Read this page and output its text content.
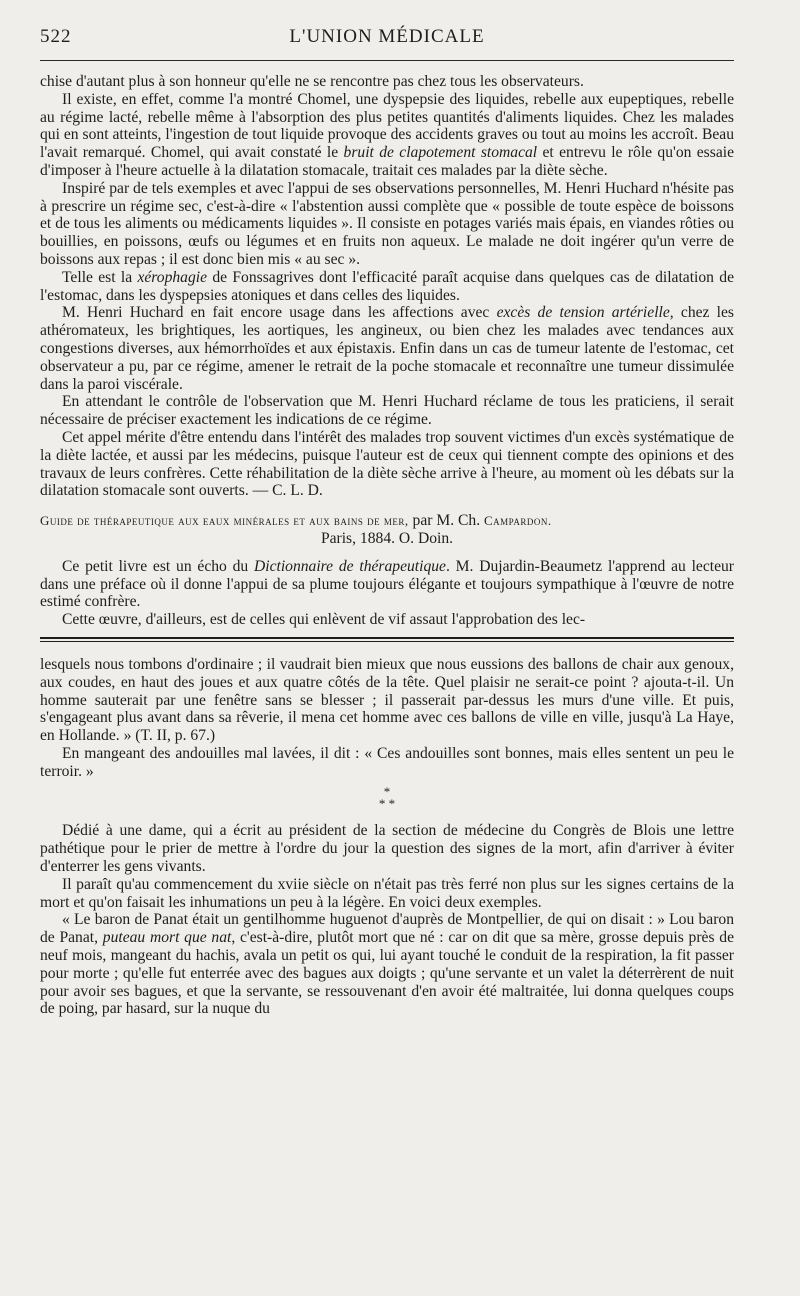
522	L'UNION MÉDICALE

chise d'autant plus à son honneur qu'elle ne se rencontre pas chez tous les observateurs.

Il existe, en effet, comme l'a montré Chomel, une dyspepsie des liquides, rebelle aux eupeptiques, rebelle au régime lacté, rebelle même à l'absorption des plus petites quantités d'aliments liquides. Chez les malades qui en sont atteints, l'ingestion de tout liquide provoque des accidents graves ou tout au moins les accroît. Beau l'avait remarqué. Chomel, qui avait constaté le bruit de clapotement stomacal et entrevu le rôle qu'on essaie d'imposer à l'heure actuelle à la dilatation stomacale, traitait ces malades par la diète sèche.

Inspiré par de tels exemples et avec l'appui de ses observations personnelles, M. Henri Huchard n'hésite pas à prescrire un régime sec, c'est-à-dire « l'abstention aussi complète que « possible de toute espèce de boissons et de tous les aliments ou médicaments liquides ». Il consiste en potages variés mais épais, en viandes rôties ou bouillies, en poissons, œufs ou légumes et en fruits non aqueux. Le malade ne doit ingérer qu'un verre de boissons aux repas ; il est donc bien mis « au sec ».

Telle est la xérophagie de Fonssagrives dont l'efficacité paraît acquise dans quelques cas de dilatation de l'estomac, dans les dyspepsies atoniques et dans celles des liquides.

M. Henri Huchard en fait encore usage dans les affections avec excès de tension artérielle, chez les athéromateux, les brightiques, les aortiques, les angineux, ou bien chez les malades avec tendances aux congestions diverses, aux hémorrhoïdes et aux épistaxis. Enfin dans un cas de tumeur latente de l'estomac, cet observateur a pu, par ce régime, amener le retrait de la poche stomacale et reconnaître une tumeur dissimulée dans la paroi viscérale.

En attendant le contrôle de l'observation que M. Henri Huchard réclame de tous les praticiens, il serait nécessaire de préciser exactement les indications de ce régime.

Cet appel mérite d'être entendu dans l'intérêt des malades trop souvent victimes d'un excès systématique de la diète lactée, et aussi par les médecins, puisque l'auteur est de ceux qui tiennent compte des opinions et des travaux de leurs confrères. Cette réhabilitation de la diète sèche arrive à l'heure, au moment où les débats sur la dilatation stomacale sont ouverts. — C. L. D.

Guide de thérapeutique aux eaux minérales et aux bains de mer, par M. Ch. Campardon.
Paris, 1884. O. Doin.

Ce petit livre est un écho du Dictionnaire de thérapeutique. M. Dujardin-Beaumetz l'apprend au lecteur dans une préface où il donne l'appui de sa plume toujours élégante et toujours sympathique à l'œuvre de notre estimé confrère.

Cette œuvre, d'ailleurs, est de celles qui enlèvent de vif assaut l'approbation des lec-

lesquels nous tombons d'ordinaire ; il vaudrait bien mieux que nous eussions des ballons de chair aux genoux, aux coudes, en haut des joues et aux quatre côtés de la tête. Quel plaisir ne serait-ce point ? ajouta-t-il. Un homme sauterait par une fenêtre sans se blesser ; il passerait par-dessus les murs d'une ville. Et puis, s'engageant plus avant dans sa rêverie, il mena cet homme avec ces ballons de ville en ville, jusqu'à La Haye, en Hollande. » (T. II, p. 67.)

En mangeant des andouilles mal lavées, il dit : « Ces andouilles sont bonnes, mais elles sentent un peu le terroir. »

*
* *

Dédié à une dame, qui a écrit au président de la section de médecine du Congrès de Blois une lettre pathétique pour le prier de mettre à l'ordre du jour la question des signes de la mort, afin d'arriver à éviter d'enterrer les gens vivants.

Il paraît qu'au commencement du xviie siècle on n'était pas très ferré non plus sur les signes certains de la mort et qu'on faisait les inhumations un peu à la légère. En voici deux exemples.

« Le baron de Panat était un gentilhomme huguenot d'auprès de Montpellier, de qui on disait : » Lou baron de Panat, puteau mort que nat, c'est-à-dire, plutôt mort que né : car on dit que sa mère, grosse depuis près de neuf mois, mangeant du hachis, avala un petit os qui, lui ayant touché le conduit de la respiration, la fit passer pour morte ; qu'elle fut enterrée avec des bagues aux doigts ; qu'une servante et un valet la déterrèrent de nuit pour avoir ses bagues, et que la servante, se ressouvenant d'en avoir été maltraitée, lui donna quelques coups de poing, par hasard, sur la nuque du
